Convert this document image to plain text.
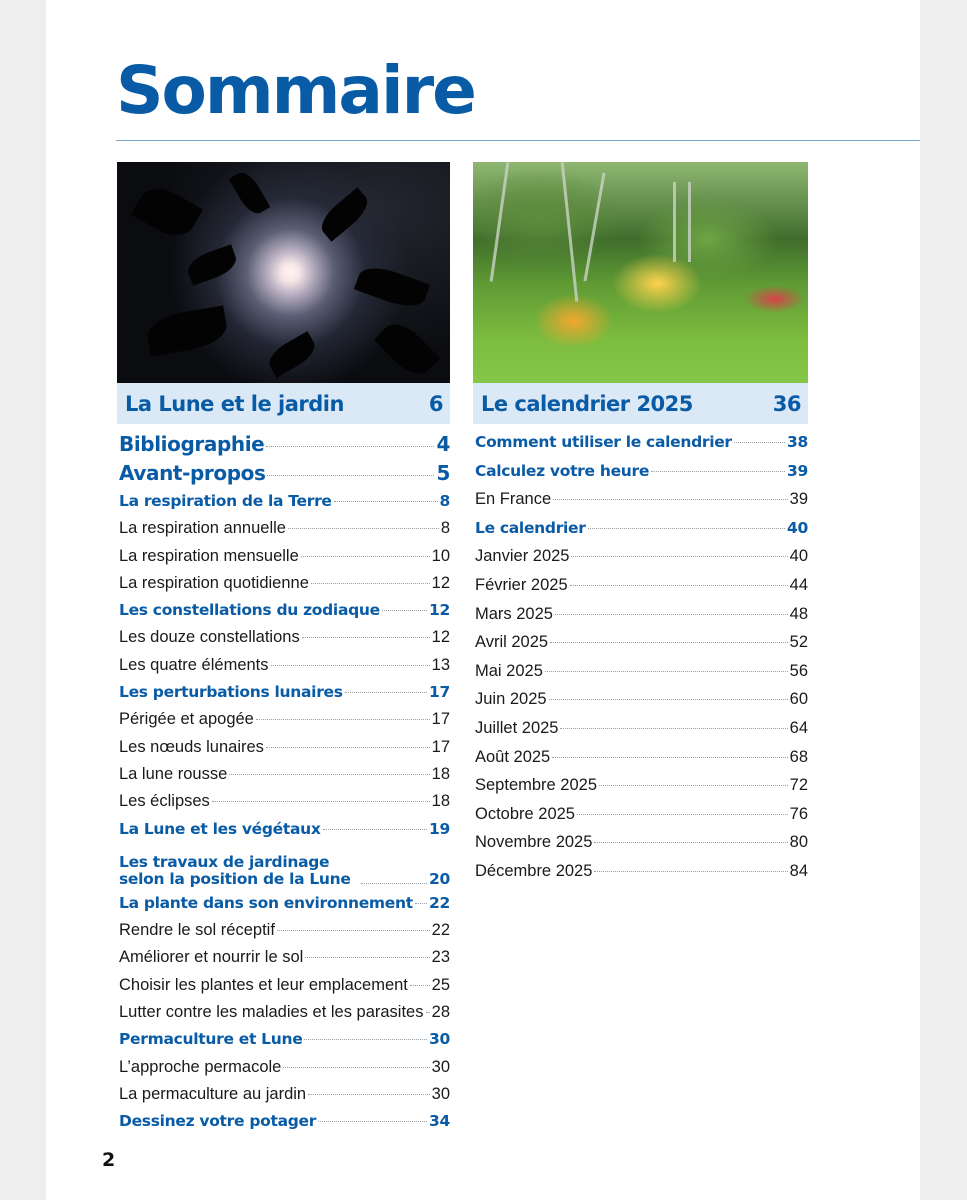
Sommaire
La Lune et le jardin	6
Bibliographie	4
Avant-propos	5
La respiration de la Terre	8
La respiration annuelle	8
La respiration mensuelle	10
La respiration quotidienne	12
Les constellations du zodiaque	12
Les douze constellations	12
Les quatre éléments	13
Les perturbations lunaires	17
Périgée et apogée	17
Les nœuds lunaires	17
La lune rousse	18
Les éclipses	18
La Lune et les végétaux	19
Les travaux de jardinage selon la position de la Lune	20
La plante dans son environnement 22
Rendre le sol réceptif	22
Améliorer et nourrir le sol	23
Choisir les plantes et leur emplacement 25
Lutter contre les maladies et les parasites 28
Permaculture et Lune	30
L’approche permacole	30
La permaculture au jardin	30
Dessinez votre potager	34
Le calendrier 2025	36
Comment utiliser le calendrier	38
Calculez votre heure	39
En France	39
Le calendrier	40
Janvier 2025	40
Février 2025	44
Mars 2025	48
Avril 2025	52
Mai 2025	56
Juin 2025	60
Juillet 2025	64
Août 2025	68
Septembre 2025	72
Octobre 2025	76
Novembre 2025	80
Décembre 2025	84
2
